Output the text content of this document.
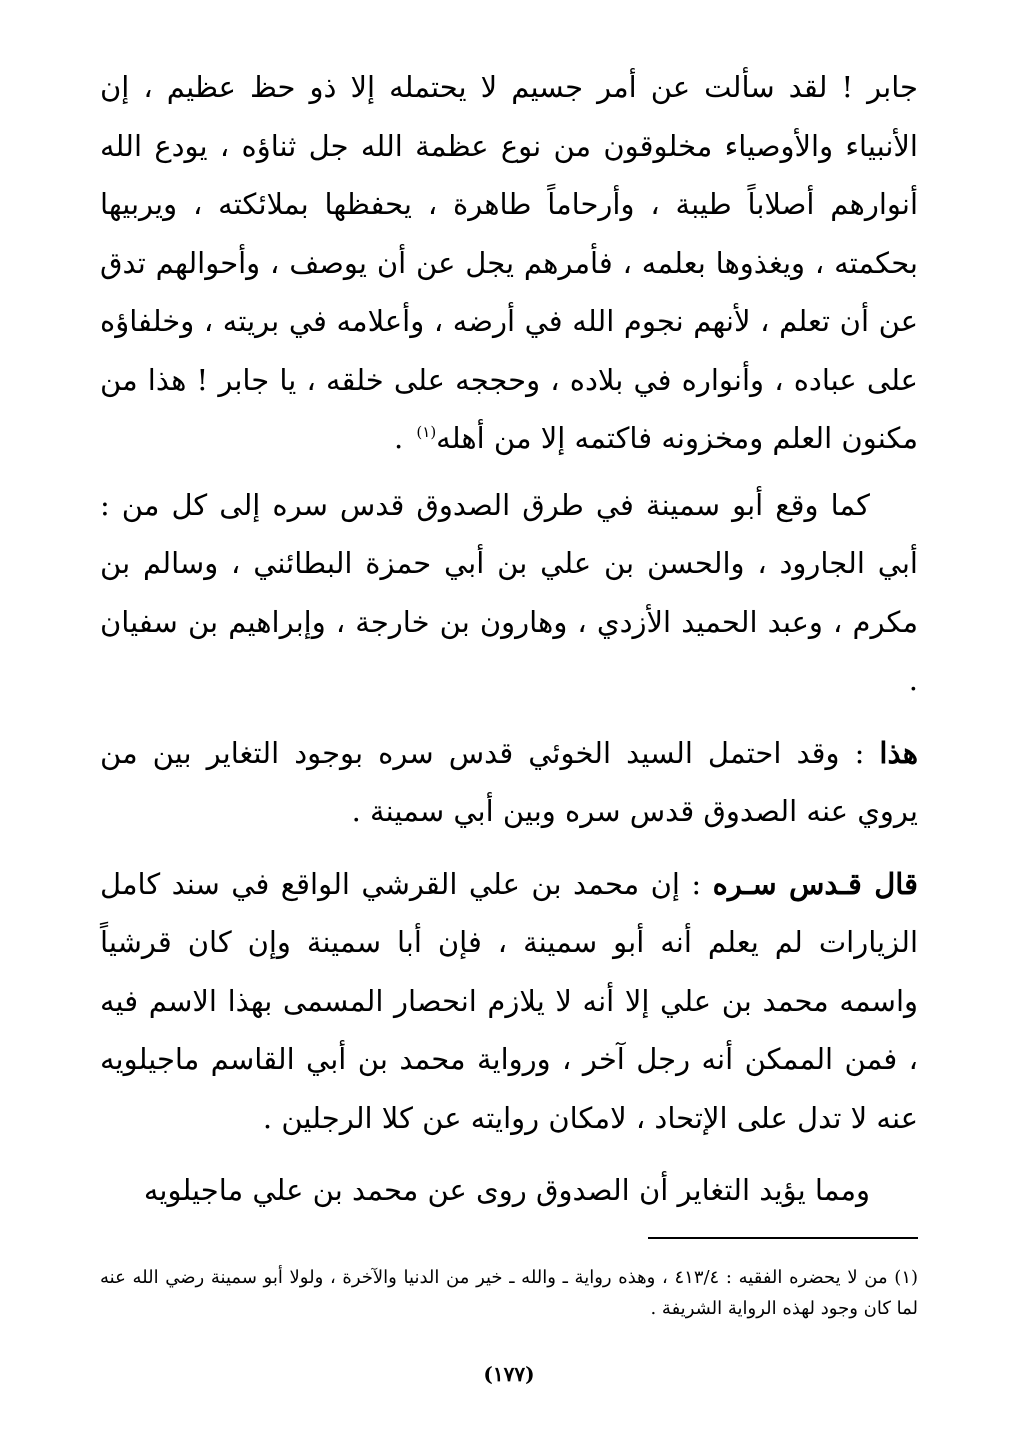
جابر ! لقد سألت عن أمر جسيم لا يحتمله إلا ذو حظ عظيم ، إن الأنبياء والأوصياء مخلوقون من نوع عظمة الله جل ثناؤه ، يودع الله أنوارهم أصلاباً طيبة ، وأرحاماً طاهرة ، يحفظها بملائكته ، ويربيها بحكمته ، ويغذوها بعلمه ، فأمرهم يجل عن أن يوصف ، وأحوالهم تدق عن أن تعلم ، لأنهم نجوم الله في أرضه ، وأعلامه في بريته ، وخلفاؤه على عباده ، وأنواره في بلاده ، وحججه على خلقه ، يا جابر ! هذا من مكنون العلم ومخزونه فاكتمه إلا من أهله$^{(١)}$ .

كما وقع أبو سمينة في طرق الصدوق قدس سره إلى كل من : أبي الجارود ، والحسن بن علي بن أبي حمزة البطائني ، وسالم بن مكرم ، وعبد الحميد الأزدي ، وهارون بن خارجة ، وإبراهيم بن سفيان .

هذا : وقد احتمل السيد الخوئي قدس سره بوجود التغاير بين من يروي عنه الصدوق قدس سره وبين أبي سمينة .

قال قـدس سـره : إن محمد بن علي القرشي الواقع في سند كامل الزيارات لم يعلم أنه أبو سمينة ، فإن أبا سمينة وإن كان قرشياً واسمه محمد بن علي إلا أنه لا يلازم انحصار المسمى بهذا الاسم فيه ، فمن الممكن أنه رجل آخر ، ورواية محمد بن أبي القاسم ماجيلويه عنه لا تدل على الإتحاد ، لامكان روايته عن كلا الرجلين .

ومما يؤيد التغاير أن الصدوق روى عن محمد بن علي ماجيلويه

(١) من لا يحضره الفقيه : ٤١٣/٤ ، وهذه رواية ـ والله ـ خير من الدنيا والآخرة ، ولولا أبو سمينة رضي الله عنه لما كان وجود لهذه الرواية الشريفة .
(١٧٧)
